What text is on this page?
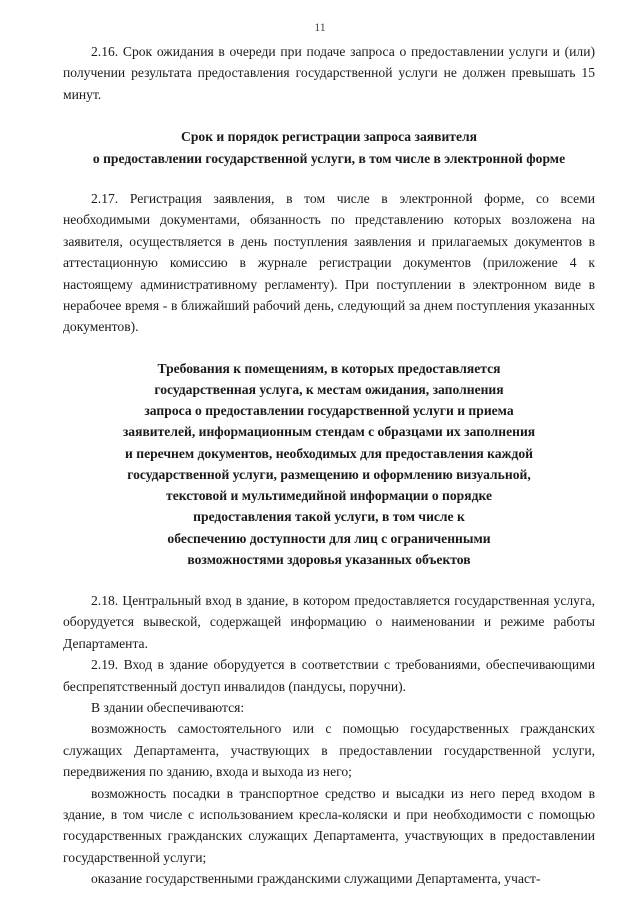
11

2.16. Срок ожидания в очереди при подаче запроса о предоставлении услуги и (или) получении результата предоставления государственной услуги не должен превышать 15 минут.

Срок и порядок регистрации запроса заявителя
о предоставлении государственной услуги, в том числе в электронной форме

2.17. Регистрация заявления, в том числе в электронной форме, со всеми необходимыми документами, обязанность по представлению которых возложена на заявителя, осуществляется в день поступления заявления и прилагаемых документов в аттестационную комиссию в журнале регистрации документов (приложение 4 к настоящему административному регламенту). При поступлении в электронном виде в нерабочее время - в ближайший рабочий день, следующий за днем поступления указанных документов).

Требования к помещениям, в которых предоставляется
государственная услуга, к местам ожидания, заполнения
запроса о предоставлении государственной услуги и приема
заявителей, информационным стендам с образцами их заполнения
и перечнем документов, необходимых для предоставления каждой
государственной услуги, размещению и оформлению визуальной,
текстовой и мультимедийной информации о порядке
предоставления такой услуги, в том числе к
обеспечению доступности для лиц с ограниченными
возможностями здоровья указанных объектов

2.18. Центральный вход в здание, в котором предоставляется государственная услуга, оборудуется вывеской, содержащей информацию о наименовании и режиме работы Департамента.

2.19. Вход в здание оборудуется в соответствии с требованиями, обеспечивающими беспрепятственный доступ инвалидов (пандусы, поручни).

В здании обеспечиваются:

возможность самостоятельного или с помощью государственных гражданских служащих Департамента, участвующих в предоставлении государственной услуги, передвижения по зданию, входа и выхода из него;

возможность посадки в транспортное средство и высадки из него перед входом в здание, в том числе с использованием кресла-коляски и при необходимости с помощью государственных гражданских служащих Департамента, участвующих в предоставлении государственной услуги;

оказание государственными гражданскими служащими Департамента, участ-
